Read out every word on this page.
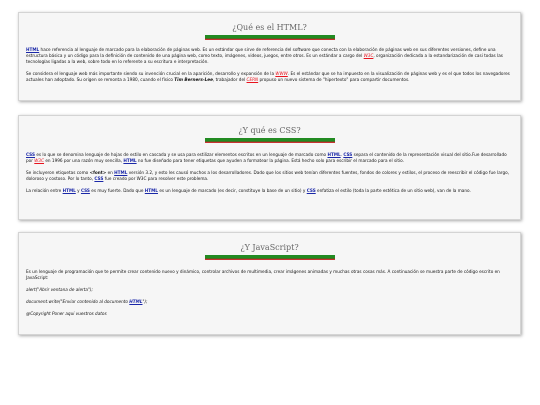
¿Qué es el HTML?

HTML hace referencia al lenguaje de marcado para la elaboración de páginas web. Es un estándar que sirve de referencia del software que conecta con la elaboración de páginas web en sus diferentes versiones, define una estructura básica y un código para la definición de contenido de una página web, como texto, imágenes, videos, juegos, entre otros. Es un estándar a cargo del W3C, organización dedicada a la estandarización de casi todas las tecnologías ligadas a la web, sobre todo en lo referente a su escritura e interpretación.

Se considera el lenguaje web más importante siendo su invención crucial en la aparición, desarrollo y expansión de la WWW. Es el estándar que se ha impuesto en la visualización de páginas web y es el que todos los navegadores actuales han adoptado. Su origen se remonta a 1980, cuando el físico Tim Berners-Lee, trabajador del CERN propuso un nuevo sistema de "hipertexto" para compartir documentos.

¿Y qué es CSS?

CSS es lo que se denomina lenguaje de hojas de estilo en cascada y se usa para estilizar elementos escritos en un lenguaje de marcado como HTML. CSS separa el contenido de la representación visual del sitio.Fue desarrollado por W3C en 1996 por una razón muy sencilla, HTML no fue diseñado para tener etiquetas que ayuden a formatear la página. Está hecho solo para escribir el marcado para el sitio.

Se incluyeron etiquetas como <font> en HTML versión 3.2, y esto les causó muchos a los desarrolladores. Dado que los sitios web tenían diferentes fuentes, fondos de colores y estilos, el proceso de reescribir el código fue largo, doloroso y costoso. Por lo tanto, CSS fue creado por W3C para resolver este problema.

La relación entre HTML y CSS es muy fuerte. Dado que HTML es un lenguaje de marcado (es decir, constituye la base de un sitio) y CSS enfatiza el estilo (toda la parte estética de un sitio web), van de la mano.

¿Y JavaScript?

Es un lenguaje de programación que te permite crear contenido nuevo y dinámico, controlar archivos de multimedia, crear imágenes animadas y muchas otras cosas más. A continuación se muestra parte de código escrito en JavaScript:

alert("Abrir ventana de alerta");

document.write("Enviar contenido al documento HTML");

@Copyright Poner aqui vuestros datos
